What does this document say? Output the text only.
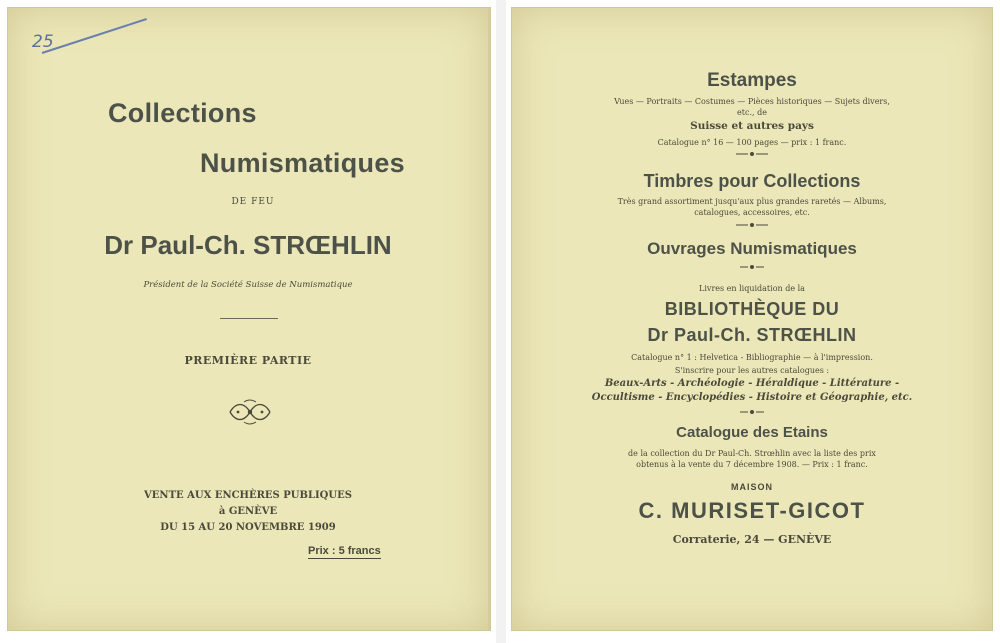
25
Collections
Numismatiques
DE FEU
Dr Paul-Ch. STRŒHLIN
Président de la Société Suisse de Numismatique
PREMIÈRE PARTIE
VENTE AUX ENCHÈRES PUBLIQUES
à GENÈVE
DU 15 AU 20 NOVEMBRE 1909
Prix : 5 francs
Estampes
Vues — Portraits — Costumes — Pièces historiques — Sujets divers,
etc., de
Suisse et autres pays
Catalogue n° 16 — 100 pages — prix : 1 franc.
Timbres pour Collections
Très grand assortiment jusqu'aux plus grandes raretés — Albums,
catalogues, accessoires, etc.
Ouvrages Numismatiques
Livres en liquidation de la
BIBLIOTHÈQUE DU
Dr Paul-Ch. STRŒHLIN
Catalogue n° 1 : Helvetica - Bibliographie — à l'impression.
S'inscrire pour les autres catalogues :
Beaux-Arts - Archéologie - Héraldique - Littérature -
Occultisme - Encyclopédies - Histoire et Géographie, etc.
Catalogue des Etains
de la collection du Dr Paul-Ch. Strœhlin avec la liste des prix
obtenus à la vente du 7 décembre 1908. — Prix : 1 franc.
MAISON
C. MURISET-GICOT
Corraterie, 24 — GENÈVE
